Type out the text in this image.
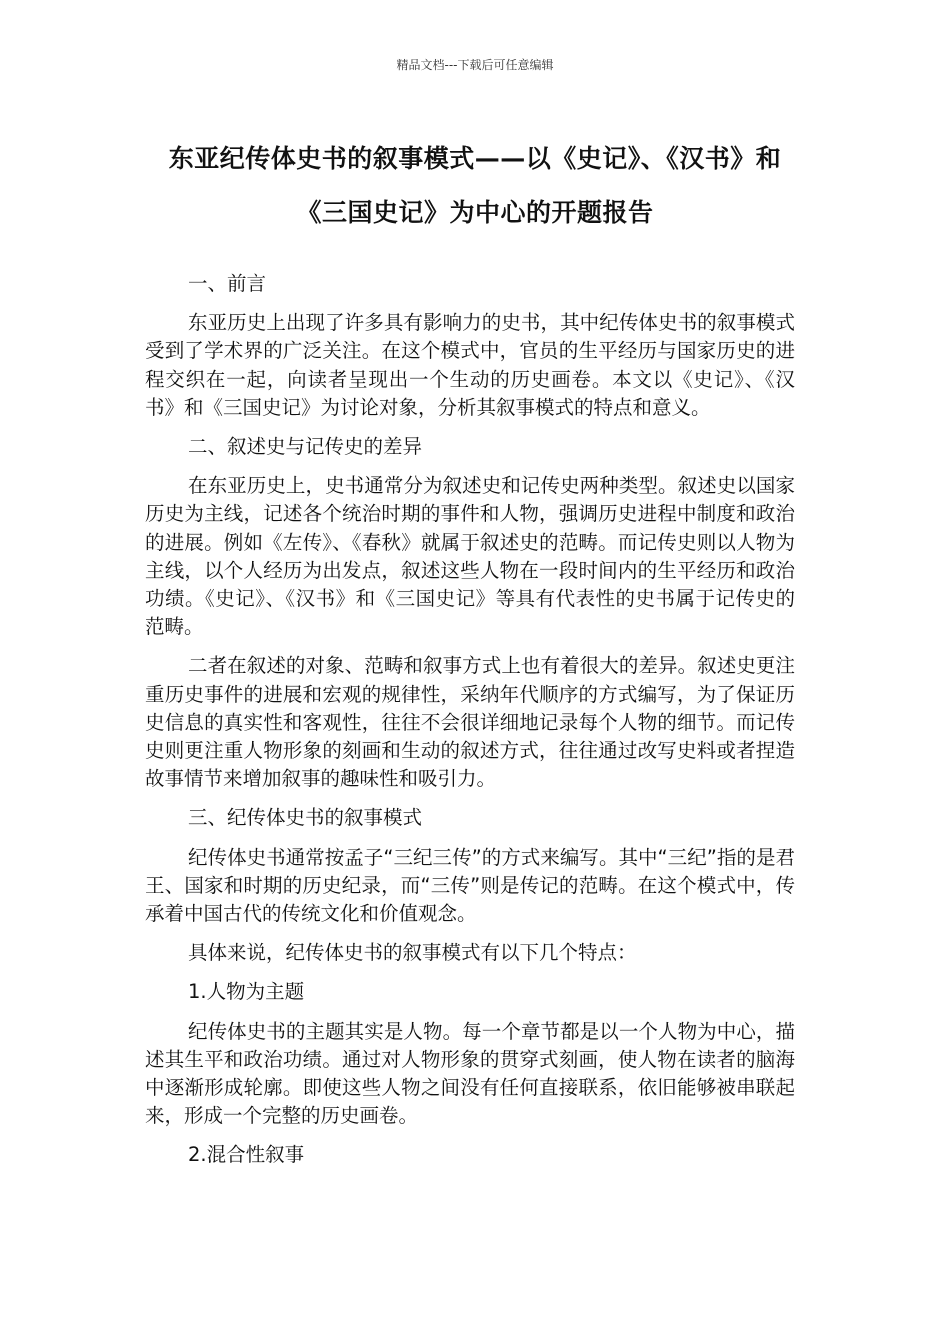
精品文档---下载后可任意编辑
东亚纪传体史书的叙事模式——以《史记》、《汉书》和《三国史记》为中心的开题报告

一、前言

东亚历史上出现了许多具有影响力的史书，其中纪传体史书的叙事模式受到了学术界的广泛关注。在这个模式中，官员的生平经历与国家历史的进程交织在一起，向读者呈现出一个生动的历史画卷。本文以《史记》、《汉书》和《三国史记》为讨论对象，分析其叙事模式的特点和意义。

二、叙述史与记传史的差异

在东亚历史上，史书通常分为叙述史和记传史两种类型。叙述史以国家历史为主线，记述各个统治时期的事件和人物，强调历史进程中制度和政治的进展。例如《左传》、《春秋》就属于叙述史的范畴。而记传史则以人物为主线，以个人经历为出发点，叙述这些人物在一段时间内的生平经历和政治功绩。《史记》、《汉书》和《三国史记》等具有代表性的史书属于记传史的范畴。

二者在叙述的对象、范畴和叙事方式上也有着很大的差异。叙述史更注重历史事件的进展和宏观的规律性，采纳年代顺序的方式编写，为了保证历史信息的真实性和客观性，往往不会很详细地记录每个人物的细节。而记传史则更注重人物形象的刻画和生动的叙述方式，往往通过改写史料或者捏造故事情节来增加叙事的趣味性和吸引力。

三、纪传体史书的叙事模式

纪传体史书通常按孟子“三纪三传”的方式来编写。其中“三纪”指的是君王、国家和时期的历史纪录，而“三传”则是传记的范畴。在这个模式中，传承着中国古代的传统文化和价值观念。

具体来说，纪传体史书的叙事模式有以下几个特点：

1.人物为主题

纪传体史书的主题其实是人物。每一个章节都是以一个人物为中心，描述其生平和政治功绩。通过对人物形象的贯穿式刻画，使人物在读者的脑海中逐渐形成轮廓。即使这些人物之间没有任何直接联系，依旧能够被串联起来，形成一个完整的历史画卷。

2.混合性叙事
